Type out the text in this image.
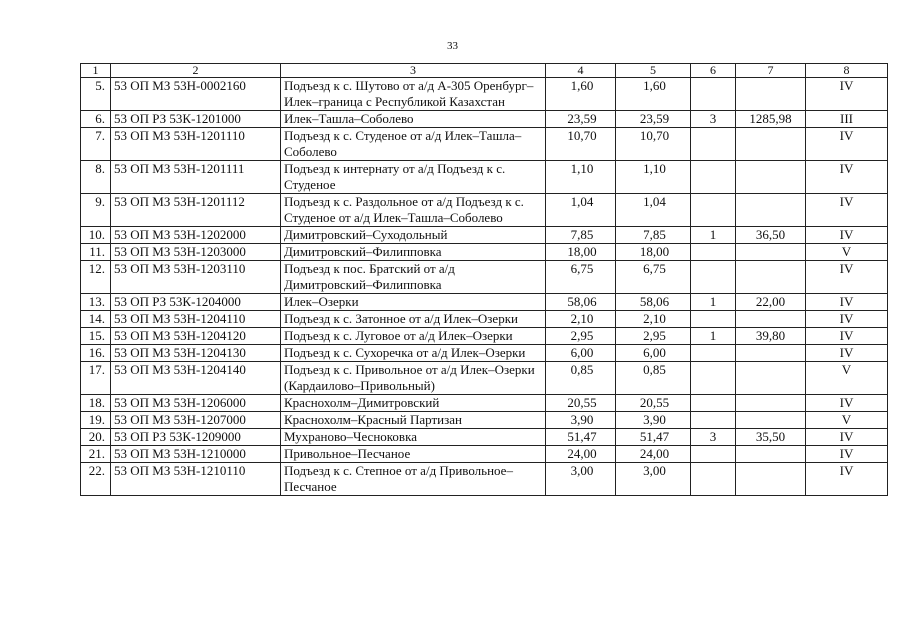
33
1	2	3	4	5	6	7	8
5.	53 ОП МЗ 53Н-0002160	Подъезд к с. Шутово от а/д А-305 Оренбург–Илек–граница с Республикой Казахстан	1,60	1,60			IV
6.	53 ОП РЗ 53К-1201000	Илек–Ташла–Соболево	23,59	23,59	3	1285,98	III
7.	53 ОП МЗ 53Н-1201110	Подъезд к с. Студеное от а/д Илек–Ташла–Соболево	10,70	10,70			IV
8.	53 ОП МЗ 53Н-1201111	Подъезд к интернату от а/д Подъезд к с. Студеное	1,10	1,10			IV
9.	53 ОП МЗ 53Н-1201112	Подъезд к с. Раздольное от а/д Подъезд к с. Студеное от а/д Илек–Ташла–Соболево	1,04	1,04			IV
10.	53 ОП МЗ 53Н-1202000	Димитровский–Суходольный	7,85	7,85	1	36,50	IV
11.	53 ОП МЗ 53Н-1203000	Димитровский–Филипповка	18,00	18,00			V
12.	53 ОП МЗ 53Н-1203110	Подъезд к пос. Братский от а/д Димитровский–Филипповка	6,75	6,75			IV
13.	53 ОП РЗ 53К-1204000	Илек–Озерки	58,06	58,06	1	22,00	IV
14.	53 ОП МЗ 53Н-1204110	Подъезд к с. Затонное от а/д Илек–Озерки	2,10	2,10			IV
15.	53 ОП МЗ 53Н-1204120	Подъезд к с. Луговое от а/д Илек–Озерки	2,95	2,95	1	39,80	IV
16.	53 ОП МЗ 53Н-1204130	Подъезд к с. Сухоречка от а/д Илек–Озерки	6,00	6,00			IV
17.	53 ОП МЗ 53Н-1204140	Подъезд к с. Привольное от а/д Илек–Озерки (Кардаилово–Привольный)	0,85	0,85			V
18.	53 ОП МЗ 53Н-1206000	Краснохолм–Димитровский	20,55	20,55			IV
19.	53 ОП МЗ 53Н-1207000	Краснохолм–Красный Партизан	3,90	3,90			V
20.	53 ОП РЗ 53К-1209000	Мухраново–Чесноковка	51,47	51,47	3	35,50	IV
21.	53 ОП МЗ 53Н-1210000	Привольное–Песчаное	24,00	24,00			IV
22.	53 ОП МЗ 53Н-1210110	Подъезд к с. Степное от а/д Привольное–Песчаное	3,00	3,00			IV
